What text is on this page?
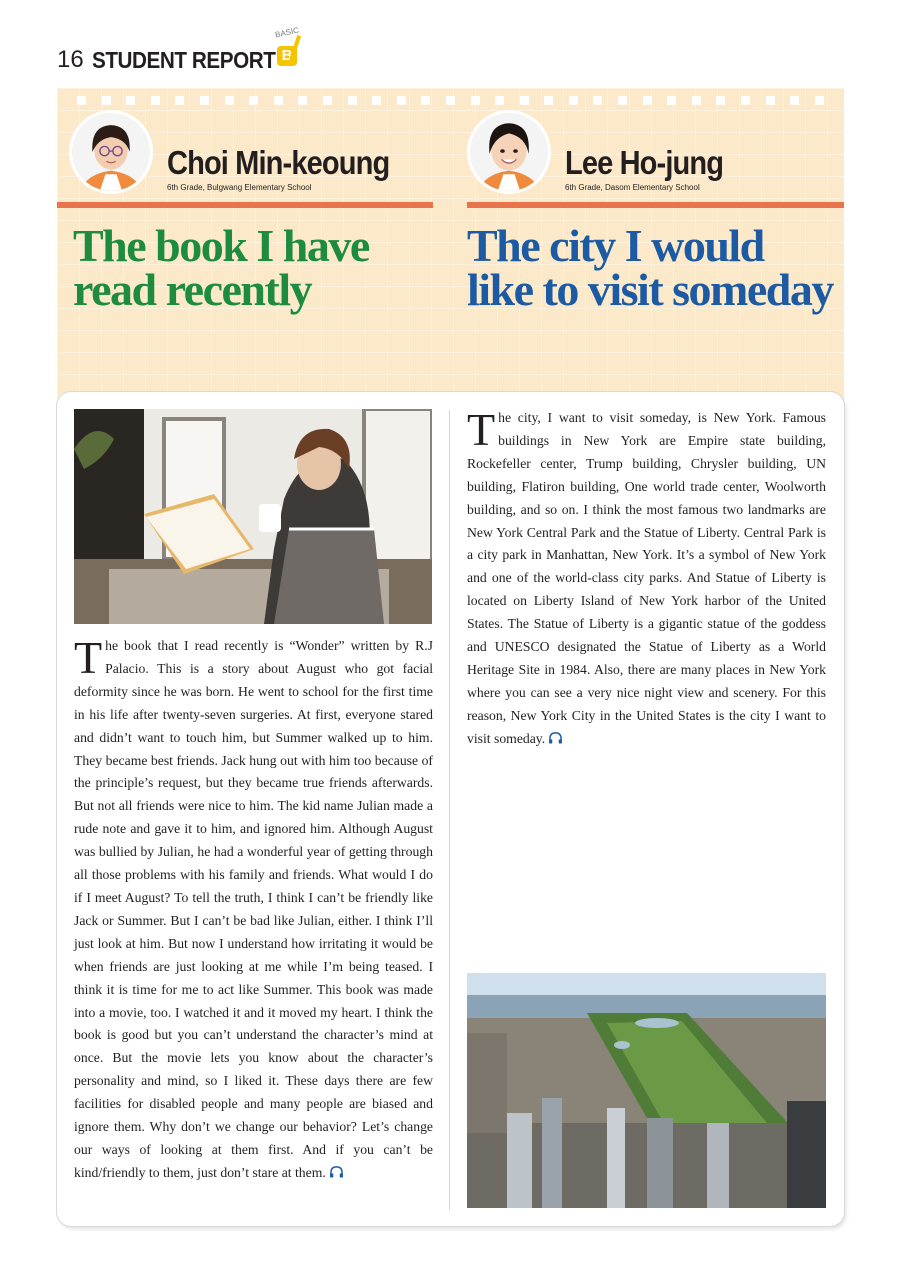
16 STUDENT REPORT
BASIC
B
Choi Min-keoung
6th Grade, Bulgwang Elementary School
Lee Ho-jung
6th Grade, Dasom Elementary School
The book I have
read recently
The city I would
like to visit someday
The book that I read recently is “Wonder” written by R.J Palacio. This is a story about August who got facial deformity since he was born. He went to school for the first time in his life after twenty-seven surgeries. At first, everyone stared and didn’t want to touch him, but Summer walked up to him. They became best friends. Jack hung out with him too because of the principle’s request, but they became true friends afterwards. But not all friends were nice to him. The kid name Julian made a rude note and gave it to him, and ignored him. Although August was bullied by Julian, he had a wonderful year of getting through all those problems with his family and friends. What would I do if I meet August? To tell the truth, I think I can’t be friendly like Jack or Summer. But I can’t be bad like Julian, either. I think I’ll just look at him. But now I understand how irritating it would be when friends are just looking at me while I’m being teased. I think it is time for me to act like Summer. This book was made into a movie, too. I watched it and it moved my heart. I think the book is good but you can’t understand the character’s mind at once. But the movie lets you know about the character’s personality and mind, so I liked it. These days there are few facilities for disabled people and many people are biased and ignore them. Why don’t we change our behavior? Let’s change our ways of looking at them first. And if you can’t be kind/friendly to them, just don’t stare at them.
The city, I want to visit someday, is New York. Famous buildings in New York are Empire state building, Rockefeller center, Trump building, Chrysler building, UN building, Flatiron building, One world trade center, Woolworth building, and so on. I think the most famous two landmarks are New York Central Park and the Statue of Liberty. Central Park is a city park in Manhattan, New York. It’s a symbol of New York and one of the world-class city parks. And Statue of Liberty is located on Liberty Island of New York harbor of the United States. The Statue of Liberty is a gigantic statue of the goddess and UNESCO designated the Statue of Liberty as a World Heritage Site in 1984. Also, there are many places in New York where you can see a very nice night view and scenery. For this reason, New York City in the United States is the city I want to visit someday.
